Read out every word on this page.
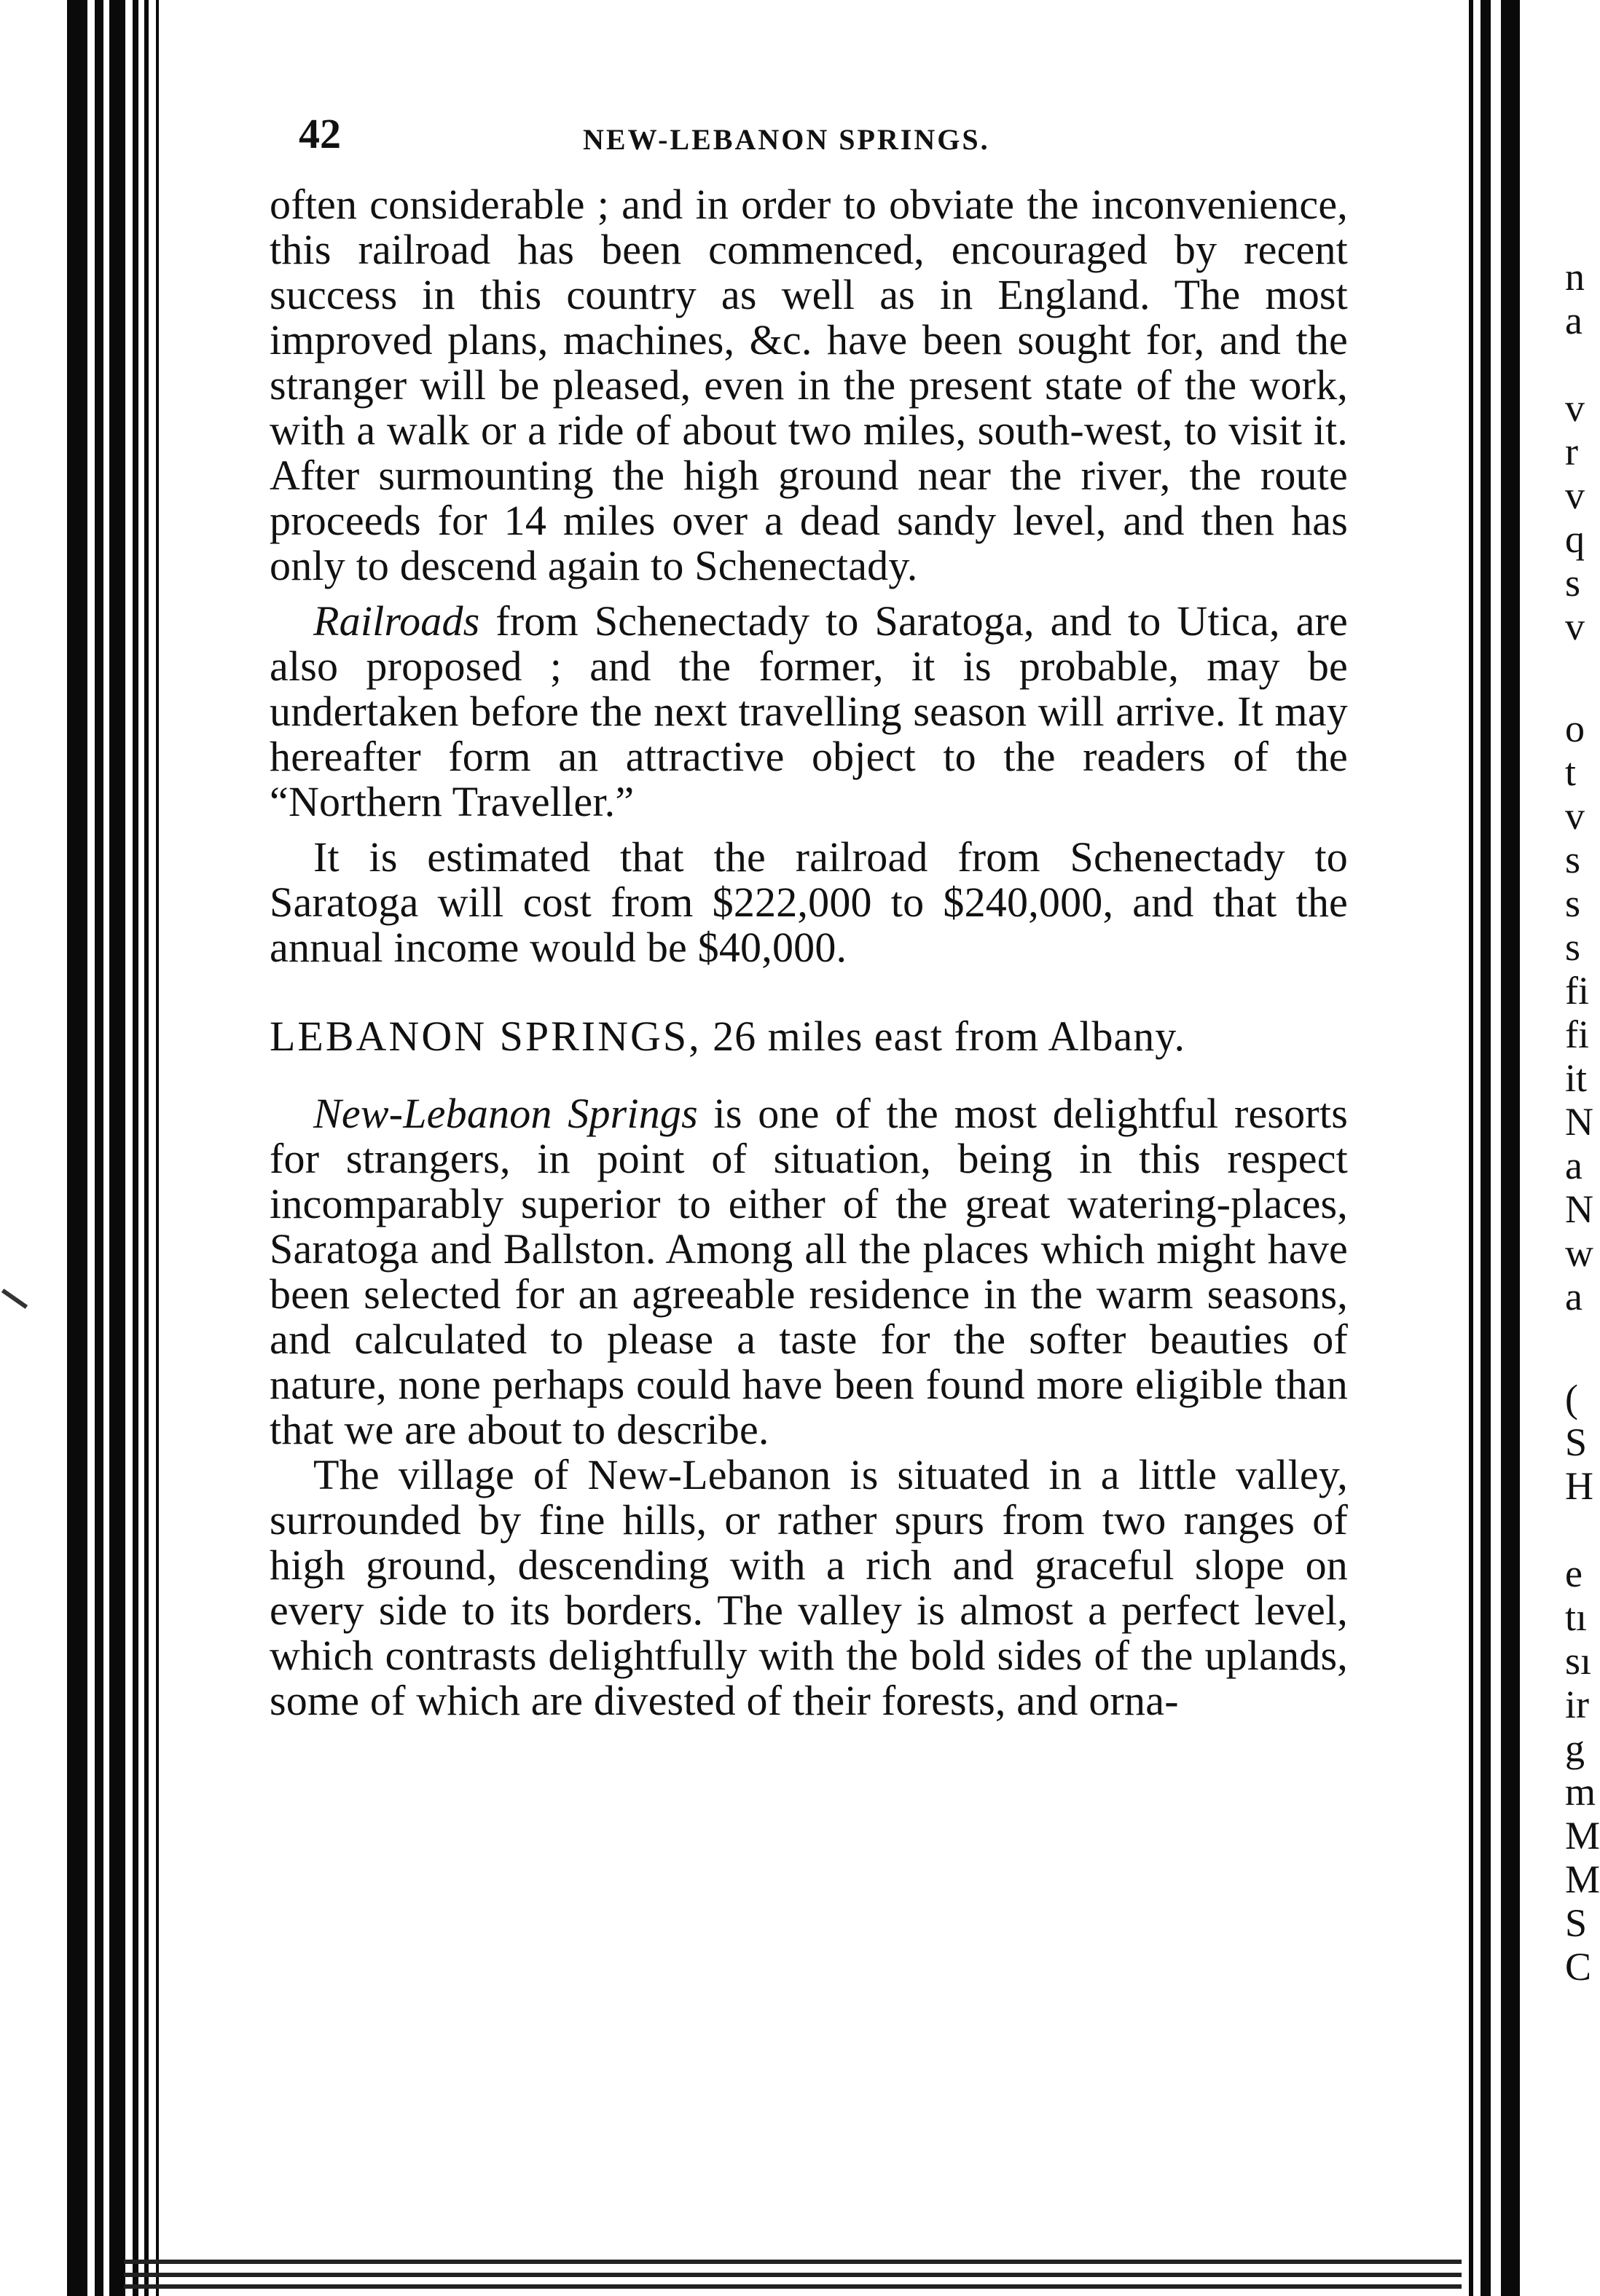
n
a
v
r
v
q
s
v
o
t
v
s
s
s
fi
fi
it
N
a
N
w
a
(
S
H
e
tı
sı
ir
g
m
M
M
S
C
42	NEW-LEBANON SPRINGS.

often considerable ; and in order to obviate the inconvenience, this railroad has been commenced, encouraged by recent success in this country as well as in England. The most improved plans, machines, &c. have been sought for, and the stranger will be pleased, even in the present state of the work, with a walk or a ride of about two miles, south-west, to visit it. After surmounting the high ground near the river, the route proceeds for 14 miles over a dead sandy level, and then has only to descend again to Schenectady.

Railroads from Schenectady to Saratoga, and to Utica, are also proposed ; and the former, it is probable, may be undertaken before the next travelling season will arrive. It may hereafter form an attractive object to the readers of the “Northern Traveller.”

It is estimated that the railroad from Schenectady to Saratoga will cost from $222,000 to $240,000, and that the annual income would be $40,000.

LEBANON SPRINGS, 26 miles east from Albany.

New-Lebanon Springs is one of the most delightful resorts for strangers, in point of situation, being in this respect incomparably superior to either of the great watering-places, Saratoga and Ballston. Among all the places which might have been selected for an agreeable residence in the warm seasons, and calculated to please a taste for the softer beauties of nature, none perhaps could have been found more eligible than that we are about to describe.

The village of New-Lebanon is situated in a little valley, surrounded by fine hills, or rather spurs from two ranges of high ground, descending with a rich and graceful slope on every side to its borders. The valley is almost a perfect level, which contrasts delightfully with the bold sides of the uplands, some of which are divested of their forests, and orna-
